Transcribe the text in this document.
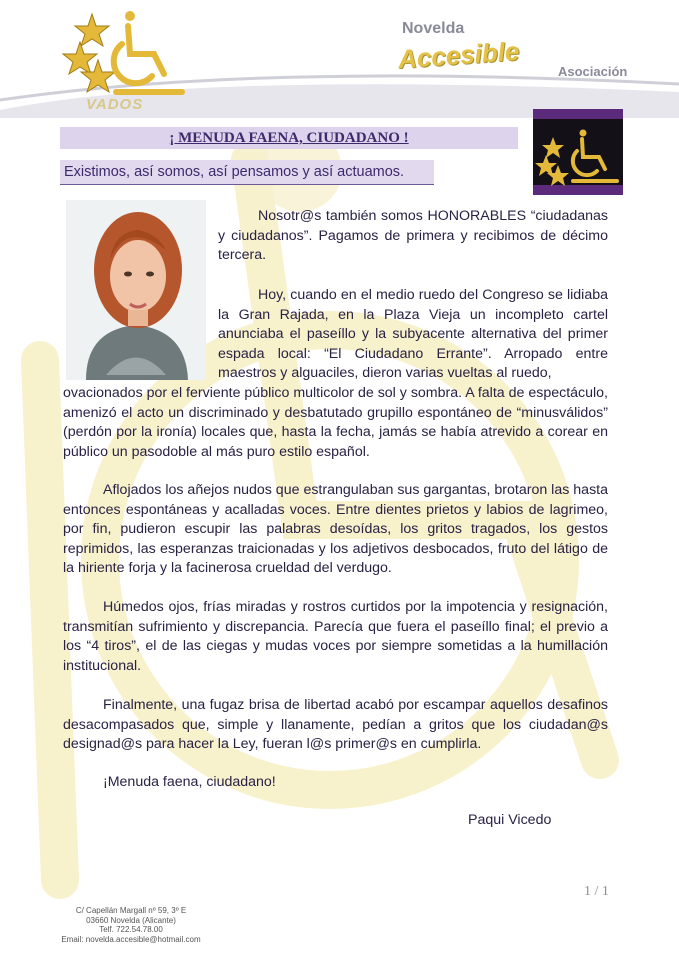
VADOS
Novelda
Accesible	Asociación
¡ MENUDA FAENA, CIUDADANO !
Existimos, así somos, así pensamos y así actuamos.

Nosotr@s también somos HONORABLES “ciudadanas y ciudadanos”. Pagamos de primera y recibimos de décimo tercera.

Hoy, cuando en el medio ruedo del Congreso se lidiaba la Gran Rajada, en la Plaza Vieja un incompleto cartel anunciaba el paseíllo y la subyacente alternativa del primer espada local: “El Ciudadano Errante”. Arropado entre maestros y alguaciles, dieron varias vueltas al ruedo,

ovacionados por el ferviente público multicolor de sol y sombra. A falta de espectáculo, amenizó el acto un discriminado y desbatutado grupillo espontáneo de “minusválidos” (perdón por la ironía) locales que, hasta la fecha, jamás se había atrevido a corear en público un pasodoble al más puro estilo español.

Aflojados los añejos nudos que estrangulaban sus gargantas, brotaron las hasta entonces espontáneas y acalladas voces. Entre dientes prietos y labios de lagrimeo, por fin, pudieron escupir las palabras desoídas, los gritos tragados, los gestos reprimidos, las esperanzas traicionadas y los adjetivos desbocados, fruto del látigo de la hiriente forja y la facinerosa crueldad del verdugo.

Húmedos ojos, frías miradas y rostros curtidos por la impotencia y resignación, transmitían sufrimiento y discrepancia. Parecía que fuera el paseíllo final; el previo a los “4 tiros”, el de las ciegas y mudas voces por siempre sometidas a la humillación institucional.

Finalmente, una fugaz brisa de libertad acabó por escampar aquellos desafinos desacompasados que, simple y llanamente, pedían a gritos que los ciudadan@s designad@s para hacer la Ley, fueran l@s primer@s en cumplirla.

¡Menuda faena, ciudadano!

Paqui Vicedo
1 / 1
C/ Capellán Margall nº 59, 3º E
03660 Novelda (Alicante)
Telf. 722.54.78.00
Email: novelda.accesible@hotmail.com
